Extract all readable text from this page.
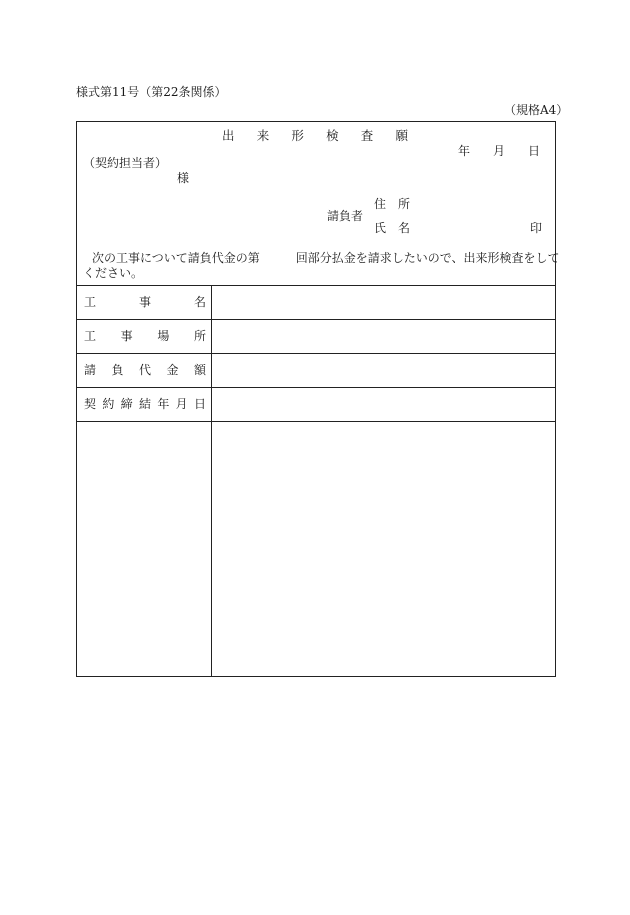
様式第11号（第22条関係）
（規格A4）
出 来 形 検 査 願
年 月 日
（契約担当者）
様
請負者
住 所
氏 名	印
次の工事について請負代金の第	回部分払金を請求したいので、出来形検査をして
ください。
工	事	名
工 事 場 所
請 負 代 金 額
契 約 締 結 年 月 日
